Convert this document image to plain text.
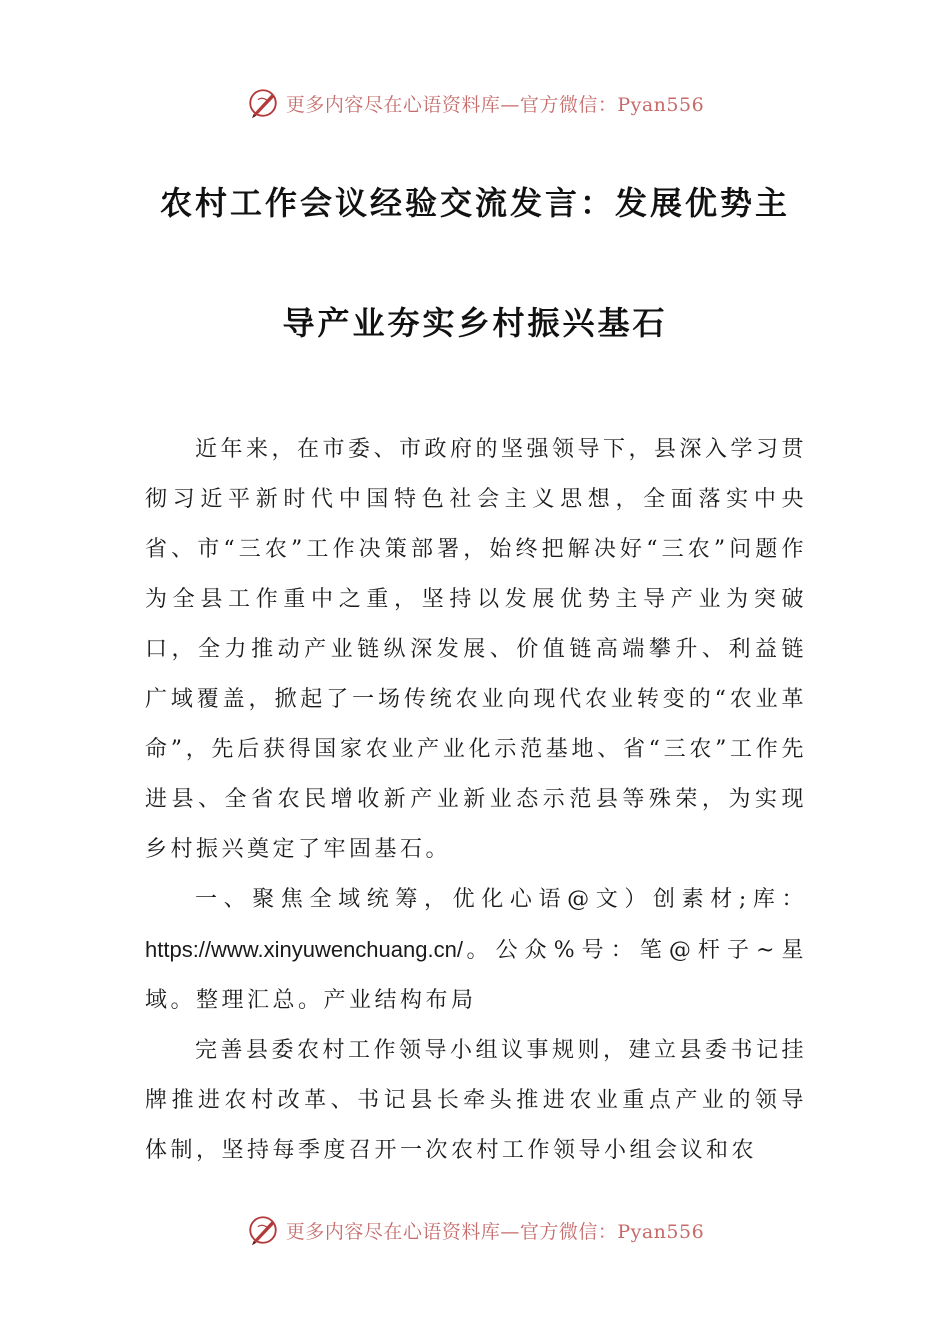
更多内容尽在心语资料库—官方微信：Pyan556
农村工作会议经验交流发言：发展优势主
导产业夯实乡村振兴基石

近年来，在市委、市政府的坚强领导下，县深入学习贯彻习近平新时代中国特色社会主义思想，全面落实中央省、市“三农”工作决策部署，始终把解决好“三农”问题作为全县工作重中之重，坚持以发展优势主导产业为突破口，全力推动产业链纵深发展、价值链高端攀升、利益链广域覆盖，掀起了一场传统农业向现代农业转变的“农业革命”，先后获得国家农业产业化示范基地、省“三农”工作先进县、全省农民增收新产业新业态示范县等殊荣，为实现乡村振兴奠定了牢固基石。

一、聚焦全域统筹，优化心语@文）创素材;库：https://www.xinyuwenchuang.cn/。公众%号：笔@杆子~星域。整理汇总。产业结构布局

完善县委农村工作领导小组议事规则，建立县委书记挂牌推进农村改革、书记县长牵头推进农业重点产业的领导体制，坚持每季度召开一次农村工作领导小组会议和农

更多内容尽在心语资料库—官方微信：Pyan556
